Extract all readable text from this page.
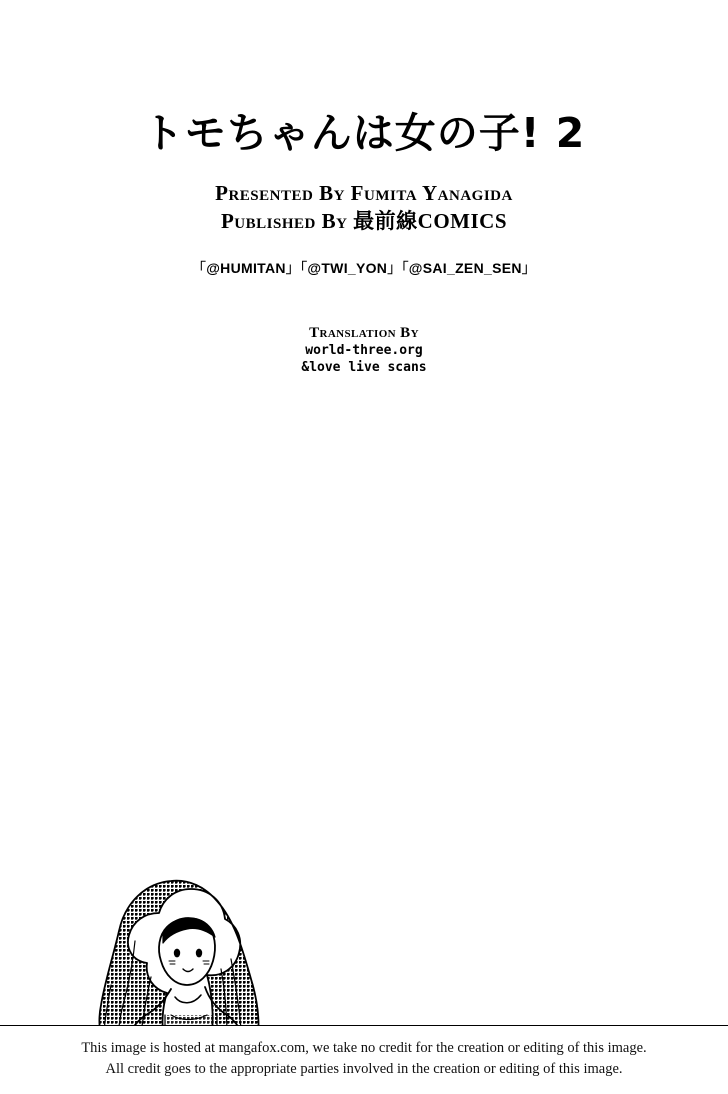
トモちゃんは女の子! 2

Presented By Fumita Yanagida

Published By 最前線COMICS

「@HUMITAN」「@TWI_YON」「@SAI_ZEN_SEN」

Translation By
world-three.org
&love live scans

This image is hosted at mangafox.com, we take no credit for the creation or editing of this image.

All credit goes to the appropriate parties involved in the creation or editing of this image.
